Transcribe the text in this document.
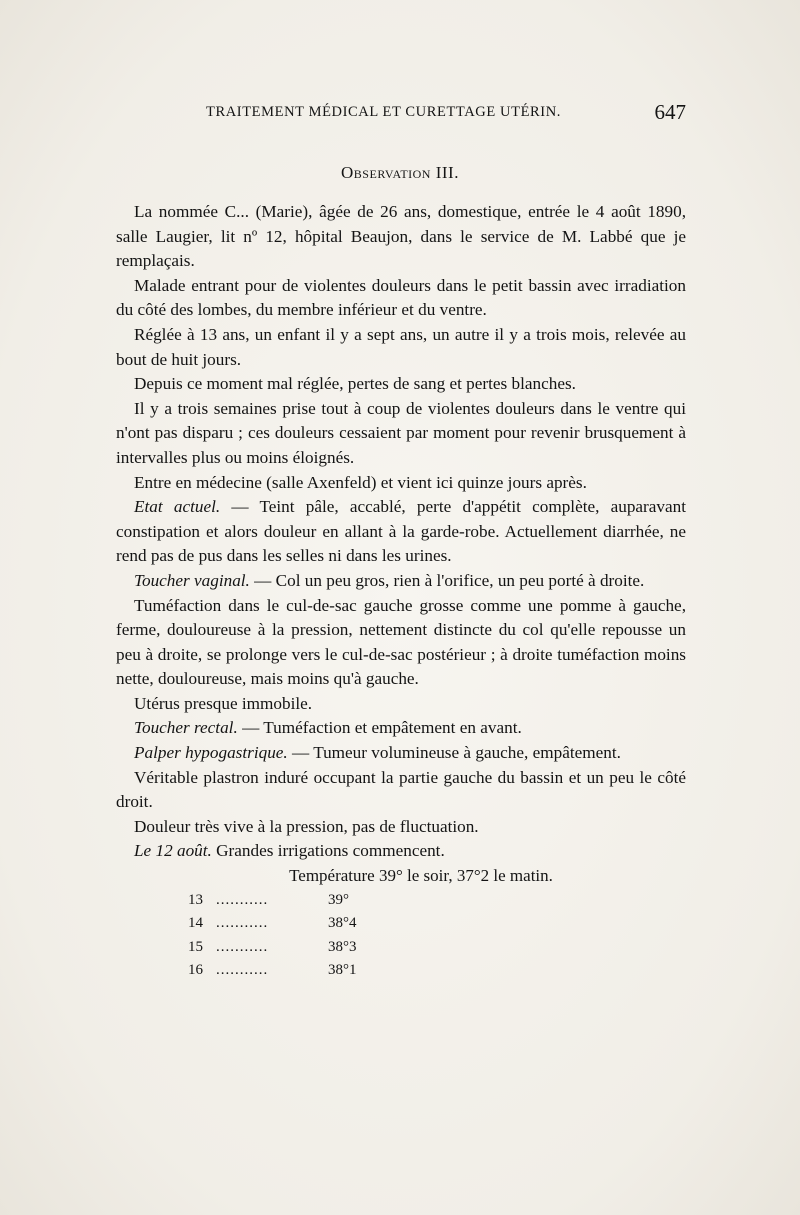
TRAITEMENT MÉDICAL ET CURETTAGE UTÉRIN.	647
Observation III.

La nommée C... (Marie), âgée de 26 ans, domestique, entrée le 4 août 1890, salle Laugier, lit nº 12, hôpital Beaujon, dans le service de M. Labbé que je remplaçais.

Malade entrant pour de violentes douleurs dans le petit bassin avec irradiation du côté des lombes, du membre inférieur et du ventre.

Réglée à 13 ans, un enfant il y a sept ans, un autre il y a trois mois, relevée au bout de huit jours.

Depuis ce moment mal réglée, pertes de sang et pertes blanches.

Il y a trois semaines prise tout à coup de violentes douleurs dans le ventre qui n'ont pas disparu ; ces douleurs cessaient par moment pour revenir brusquement à intervalles plus ou moins éloignés.

Entre en médecine (salle Axenfeld) et vient ici quinze jours après.

Etat actuel. — Teint pâle, accablé, perte d'appétit complète, auparavant constipation et alors douleur en allant à la garde-robe. Actuellement diarrhée, ne rend pas de pus dans les selles ni dans les urines.

Toucher vaginal. — Col un peu gros, rien à l'orifice, un peu porté à droite.

Tuméfaction dans le cul-de-sac gauche grosse comme une pomme à gauche, ferme, douloureuse à la pression, nettement distincte du col qu'elle repousse un peu à droite, se prolonge vers le cul-de-sac postérieur ; à droite tuméfaction moins nette, douloureuse, mais moins qu'à gauche.

Utérus presque immobile.

Toucher rectal. — Tuméfaction et empâtement en avant.

Palper hypogastrique. — Tumeur volumineuse à gauche, empâtement.

Véritable plastron induré occupant la partie gauche du bassin et un peu le côté droit.

Douleur très vive à la pression, pas de fluctuation.

Le 12 août. Grandes irrigations commencent.

Température 39° le soir, 37°2 le matin.

13 ...........	39°
14 ...........	38°4
15 ...........	38°3
16 ...........	38°1
